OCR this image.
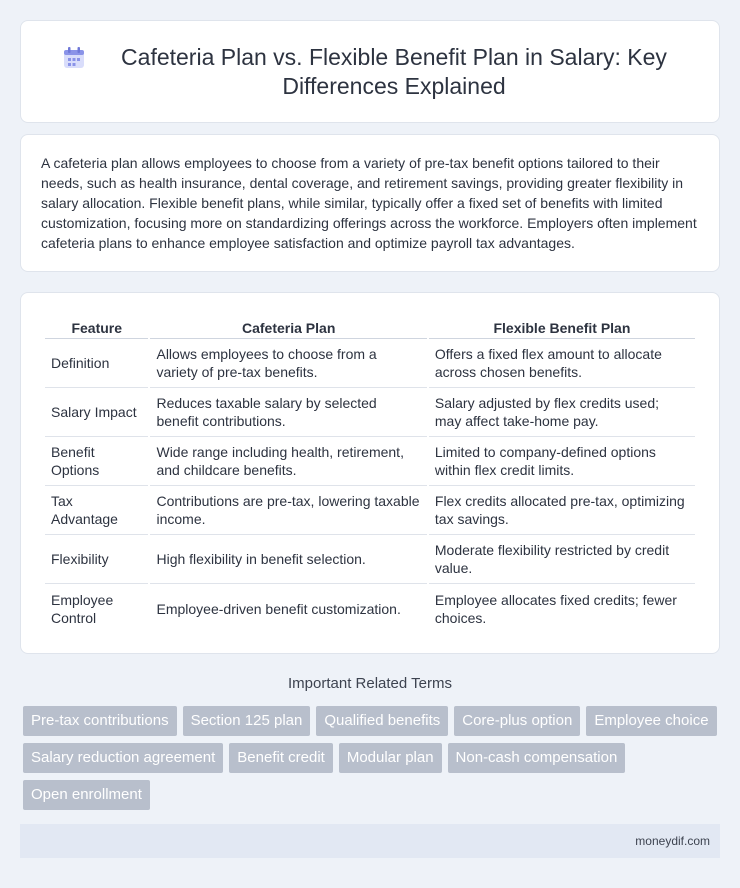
Cafeteria Plan vs. Flexible Benefit Plan in Salary: Key Differences Explained

A cafeteria plan allows employees to choose from a variety of pre-tax benefit options tailored to their needs, such as health insurance, dental coverage, and retirement savings, providing greater flexibility in salary allocation. Flexible benefit plans, while similar, typically offer a fixed set of benefits with limited customization, focusing more on standardizing offerings across the workforce. Employers often implement cafeteria plans to enhance employee satisfaction and optimize payroll tax advantages.

Feature	Cafeteria Plan	Flexible Benefit Plan
Definition	Allows employees to choose from a variety of pre-tax benefits.	Offers a fixed flex amount to allocate across chosen benefits.
Salary Impact	Reduces taxable salary by selected benefit contributions.	Salary adjusted by flex credits used; may affect take-home pay.
Benefit Options	Wide range including health, retirement, and childcare benefits.	Limited to company-defined options within flex credit limits.
Tax Advantage	Contributions are pre-tax, lowering taxable income.	Flex credits allocated pre-tax, optimizing tax savings.
Flexibility	High flexibility in benefit selection.	Moderate flexibility restricted by credit value.
Employee Control	Employee-driven benefit customization.	Employee allocates fixed credits; fewer choices.
Important Related Terms
Pre-tax contributions	Section 125 plan	Qualified benefits	Core-plus option	Employee choice
Salary reduction agreement	Benefit credit	Modular plan	Non-cash compensation
Open enrollment
moneydif.com
